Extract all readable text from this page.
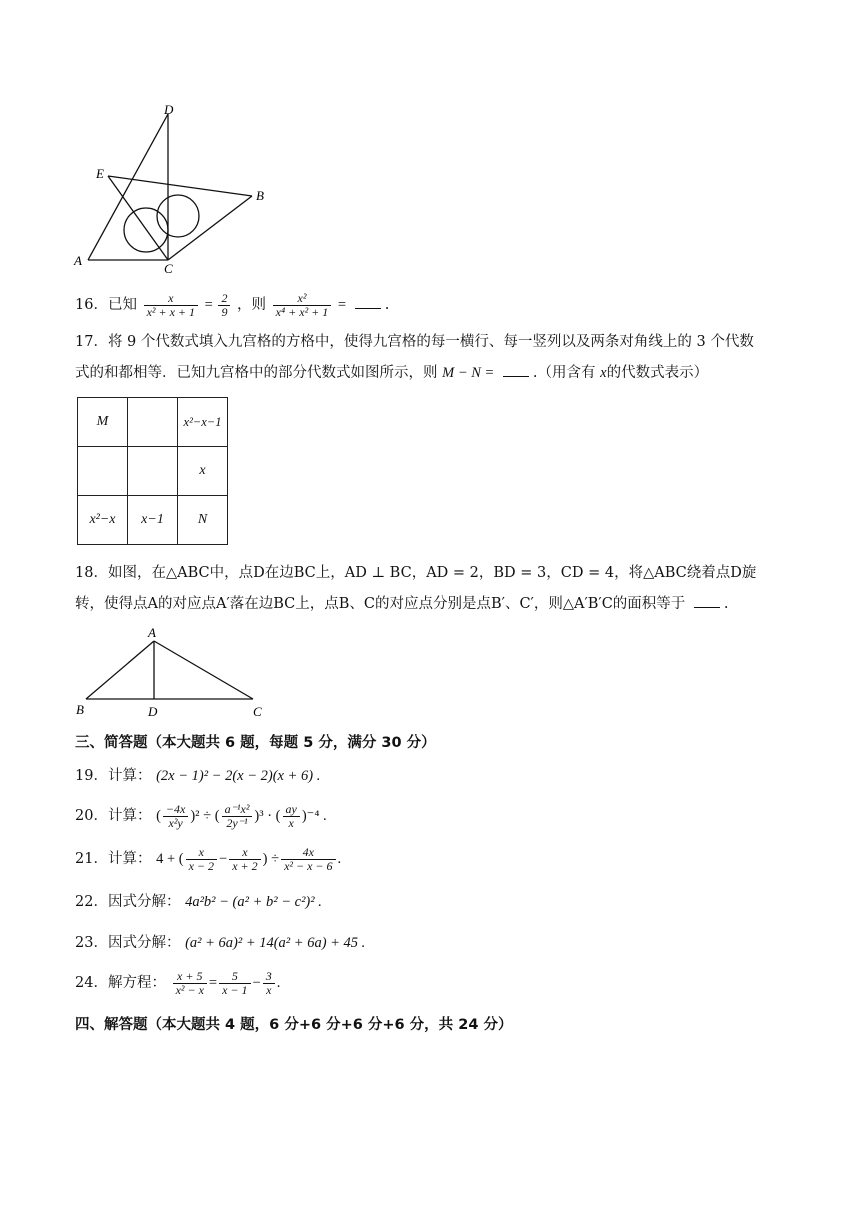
D
E
B
A
C
16．已知 $\frac{x}{\text{x² + x + 1}} = \frac{2}{9}$ ，则 $\frac{\text{x²}}{\text{x⁴ + x² + 1}}$ =	.
17．将 9 个代数式填入九宫格的方格中，使得九宫格的每一横行、每一竖列以及两条对角线上的 3 个代数
式的和都相等．已知九宫格中的部分代数式如图所示，则 M − N =	.（用含有 x的代数式表示）
M		x²−x−1
		x
x²−x	x−1	N
18．如图，在△ABC中，点D在边BC上，AD ⊥ BC，AD = 2，BD = 3，CD = 4，将△ABC绕着点D旋
转，使得点A的对应点A′落在边BC上，点B、C的对应点分别是点B′、C′，则△A′B′C的面积等于	.
A
B	D	C
三、简答题（本大题共 6 题，每题 5 分，满分 30 分）
19．计算： (2x − 1)² − 2(x − 2)(x + 6) .
20．计算： ( $\frac{-4x}{\text{x²y}} )^2$ ÷ ( $\frac{\text{a⁻¹x²}}{\text{2y⁻¹}} )^3$ · ( $\frac{ay}{x} )^{-4}$ .
21．计算： 4 + ( $\frac{x}{x - 2} - \frac{x}{x + 2}$ ) ÷ $\frac{4x}{\text{x² − x − 6}}$ .
22．因式分解： 4a²b² − (a² + b² − c²)² .
23．因式分解： (a² + 6a)² + 14(a² + 6a) + 45 .
24．解方程： $\frac{x + 5}{\text{x² − x}} = \frac{5}{x - 1} - \frac{3}{x}$ .
四、解答题（本大题共 4 题，6 分+6 分+6 分+6 分，共 24 分）
